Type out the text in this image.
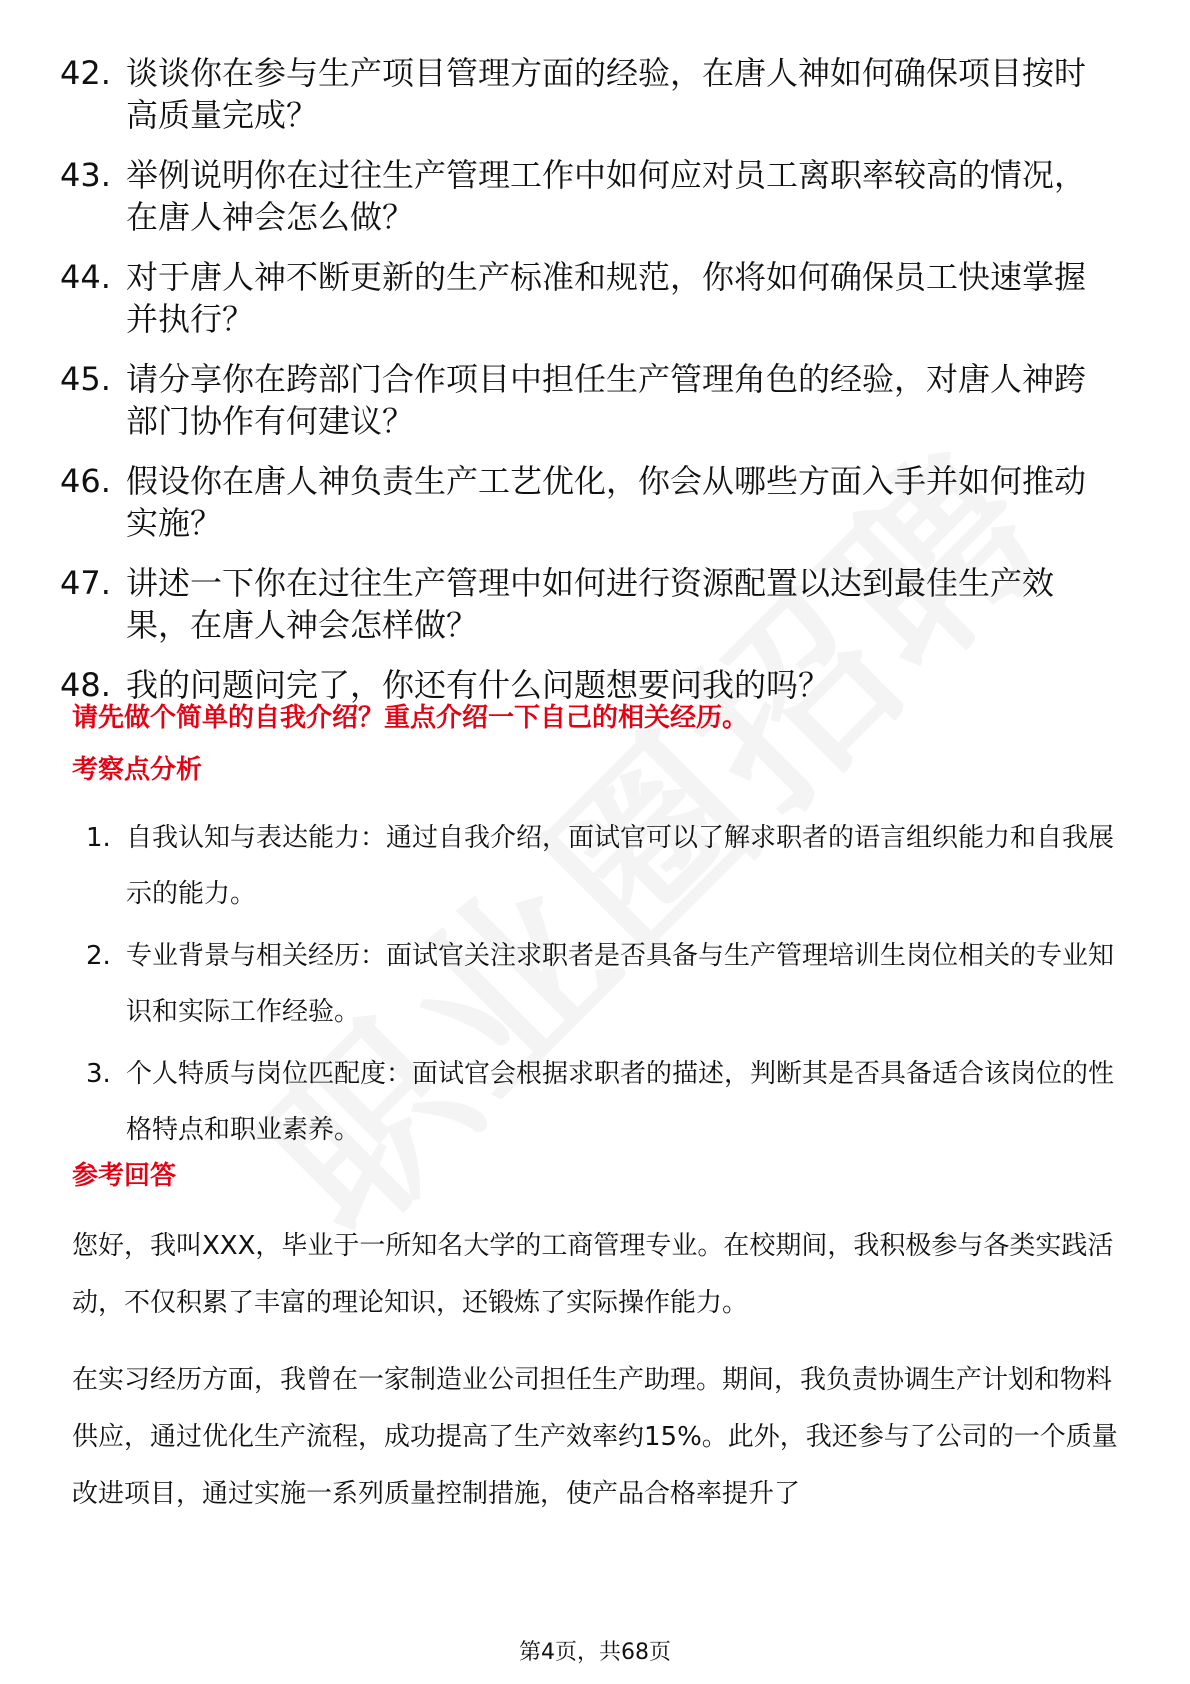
42. 谈谈你在参与生产项目管理方面的经验，在唐人神如何确保项目按时高质量完成？
43. 举例说明你在过往生产管理工作中如何应对员工离职率较高的情况，在唐人神会怎么做？
44. 对于唐人神不断更新的生产标准和规范，你将如何确保员工快速掌握并执行？
45. 请分享你在跨部门合作项目中担任生产管理角色的经验，对唐人神跨部门协作有何建议？
46. 假设你在唐人神负责生产工艺优化，你会从哪些方面入手并如何推动实施？
47. 讲述一下你在过往生产管理中如何进行资源配置以达到最佳生产效果，在唐人神会怎样做？
48. 我的问题问完了，你还有什么问题想要问我的吗？
请先做个简单的自我介绍？重点介绍一下自己的相关经历。
考察点分析
1. 自我认知与表达能力：通过自我介绍，面试官可以了解求职者的语言组织能力和自我展示的能力。
2. 专业背景与相关经历：面试官关注求职者是否具备与生产管理培训生岗位相关的专业知识和实际工作经验。
3. 个人特质与岗位匹配度：面试官会根据求职者的描述，判断其是否具备适合该岗位的性格特点和职业素养。
参考回答
您好，我叫XXX，毕业于一所知名大学的工商管理专业。在校期间，我积极参与各类实践活动，不仅积累了丰富的理论知识，还锻炼了实际操作能力。
在实习经历方面，我曾在一家制造业公司担任生产助理。期间，我负责协调生产计划和物料供应，通过优化生产流程，成功提高了生产效率约15%。此外，我还参与了公司的一个质量改进项目，通过实施一系列质量控制措施，使产品合格率提升了
第4页，共68页
